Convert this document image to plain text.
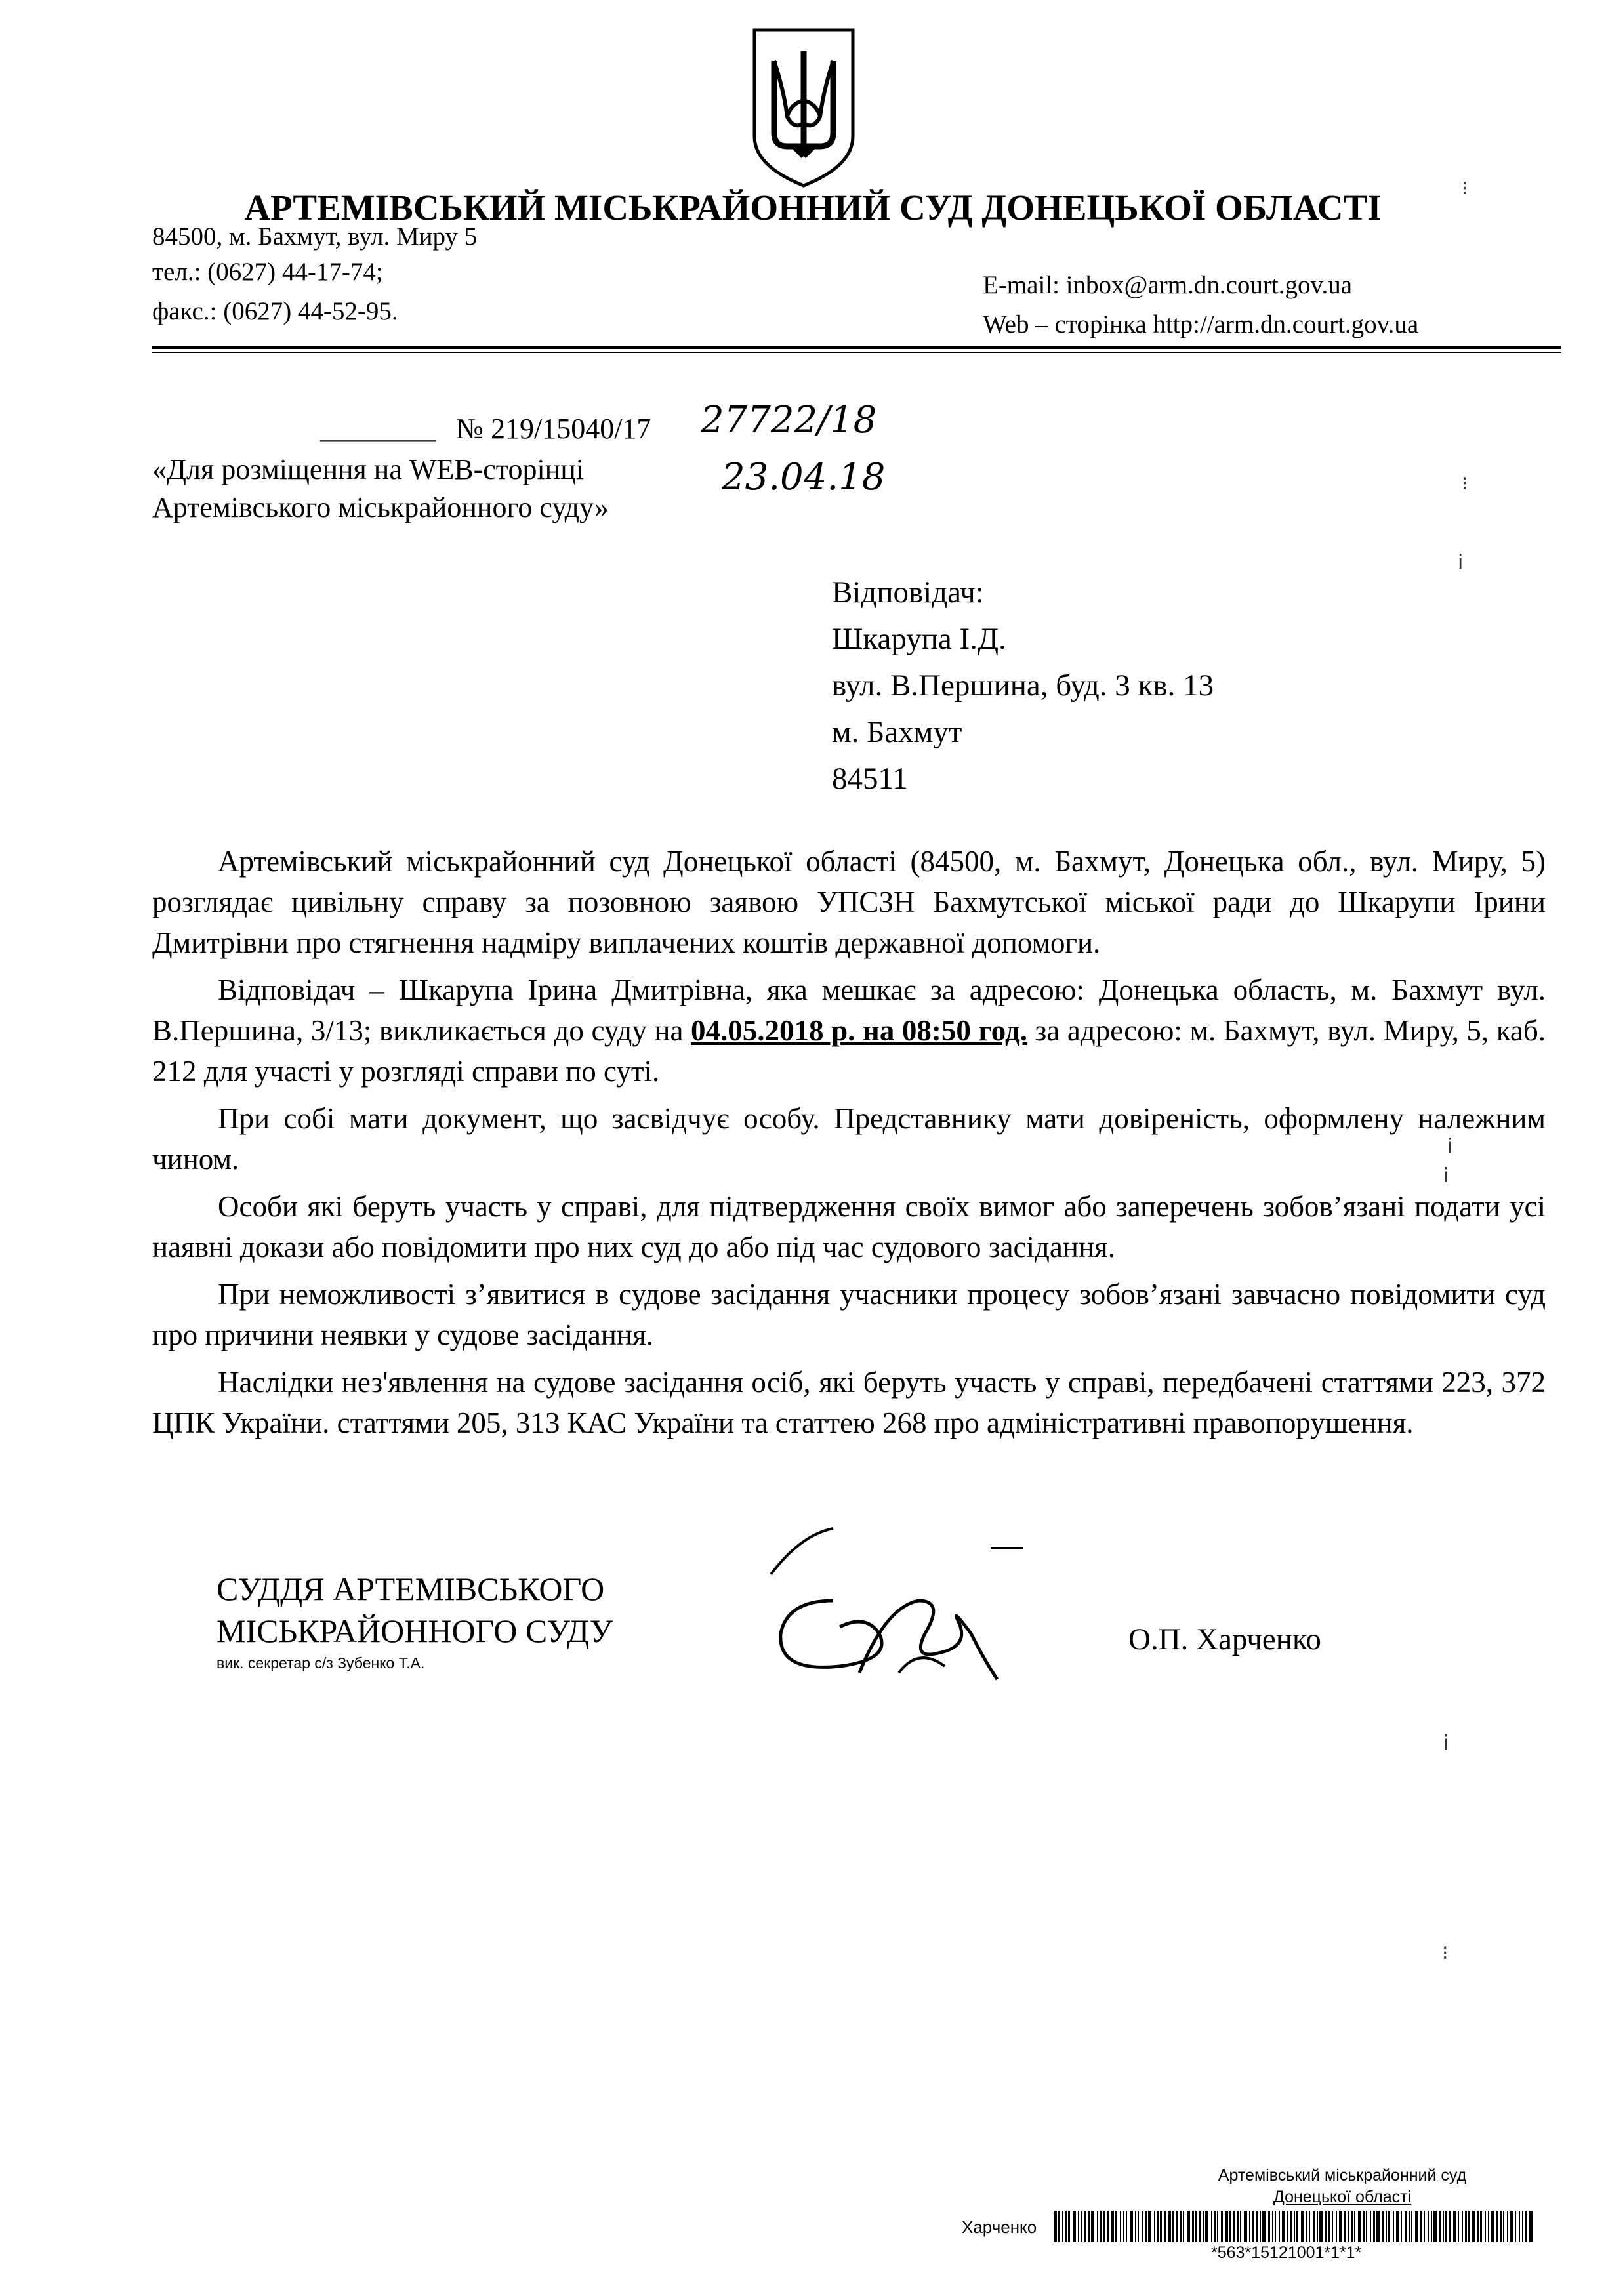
АРТЕМІВСЬКИЙ МІСЬКРАЙОННИЙ СУД ДОНЕЦЬКОЇ ОБЛАСТІ
84500, м. Бахмут, вул. Миру 5
тел.: (0627) 44-17-74;
факс.: (0627) 44-52-95.
E-mail: inbox@arm.dn.court.gov.ua
Web – сторінка http://arm.dn.court.gov.ua
________ № 219/15040/17 27722/18
23.04.18
«Для розміщення на WEB-сторінці
Артемівського міськрайонного суду»
Відповідач:
Шкарупа І.Д.
вул. В.Першина, буд. 3 кв. 13
м. Бахмут
84511

Артемівський міськрайонний суд Донецької області (84500, м. Бахмут, Донецька обл., вул. Миру, 5) розглядає цивільну справу за позовною заявою УПСЗН Бахмутської міської ради до Шкарупи Ірини Дмитрівни про стягнення надміру виплачених коштів державної допомоги.

Відповідач – Шкарупа Ірина Дмитрівна, яка мешкає за адресою: Донецька область, м. Бахмут вул. В.Першина, 3/13; викликається до суду на 04.05.2018 р. на 08:50 год. за адресою: м. Бахмут, вул. Миру, 5, каб. 212 для участі у розгляді справи по суті.

При собі мати документ, що засвідчує особу. Представнику мати довіреність, оформлену належним чином.

Особи які беруть участь у справі, для підтвердження своїх вимог або заперечень зобов’язані подати усі наявні докази або повідомити про них суд до або під час судового засідання.

При неможливості з’явитися в судове засідання учасники процесу зобов’язані завчасно повідомити суд про причини неявки у судове засідання.

Наслідки нез'явлення на судове засідання осіб, які беруть участь у справі, передбачені статтями 223, 372 ЦПК України. статтями 205, 313 КАС України та статтею 268 про адміністративні правопорушення.

СУДДЯ АРТЕМІВСЬКОГО
МІСЬКРАЙОННОГО СУДУ
вик. секретар с/з Зубенко Т.А.
О.П. Харченко
⁝
⁝
ⅰ
ⅰ
ⅰ
ⅰ
⁝
Артемівський міськрайонний суд
Донецької області
Харченко
*563*15121001*1*1*
